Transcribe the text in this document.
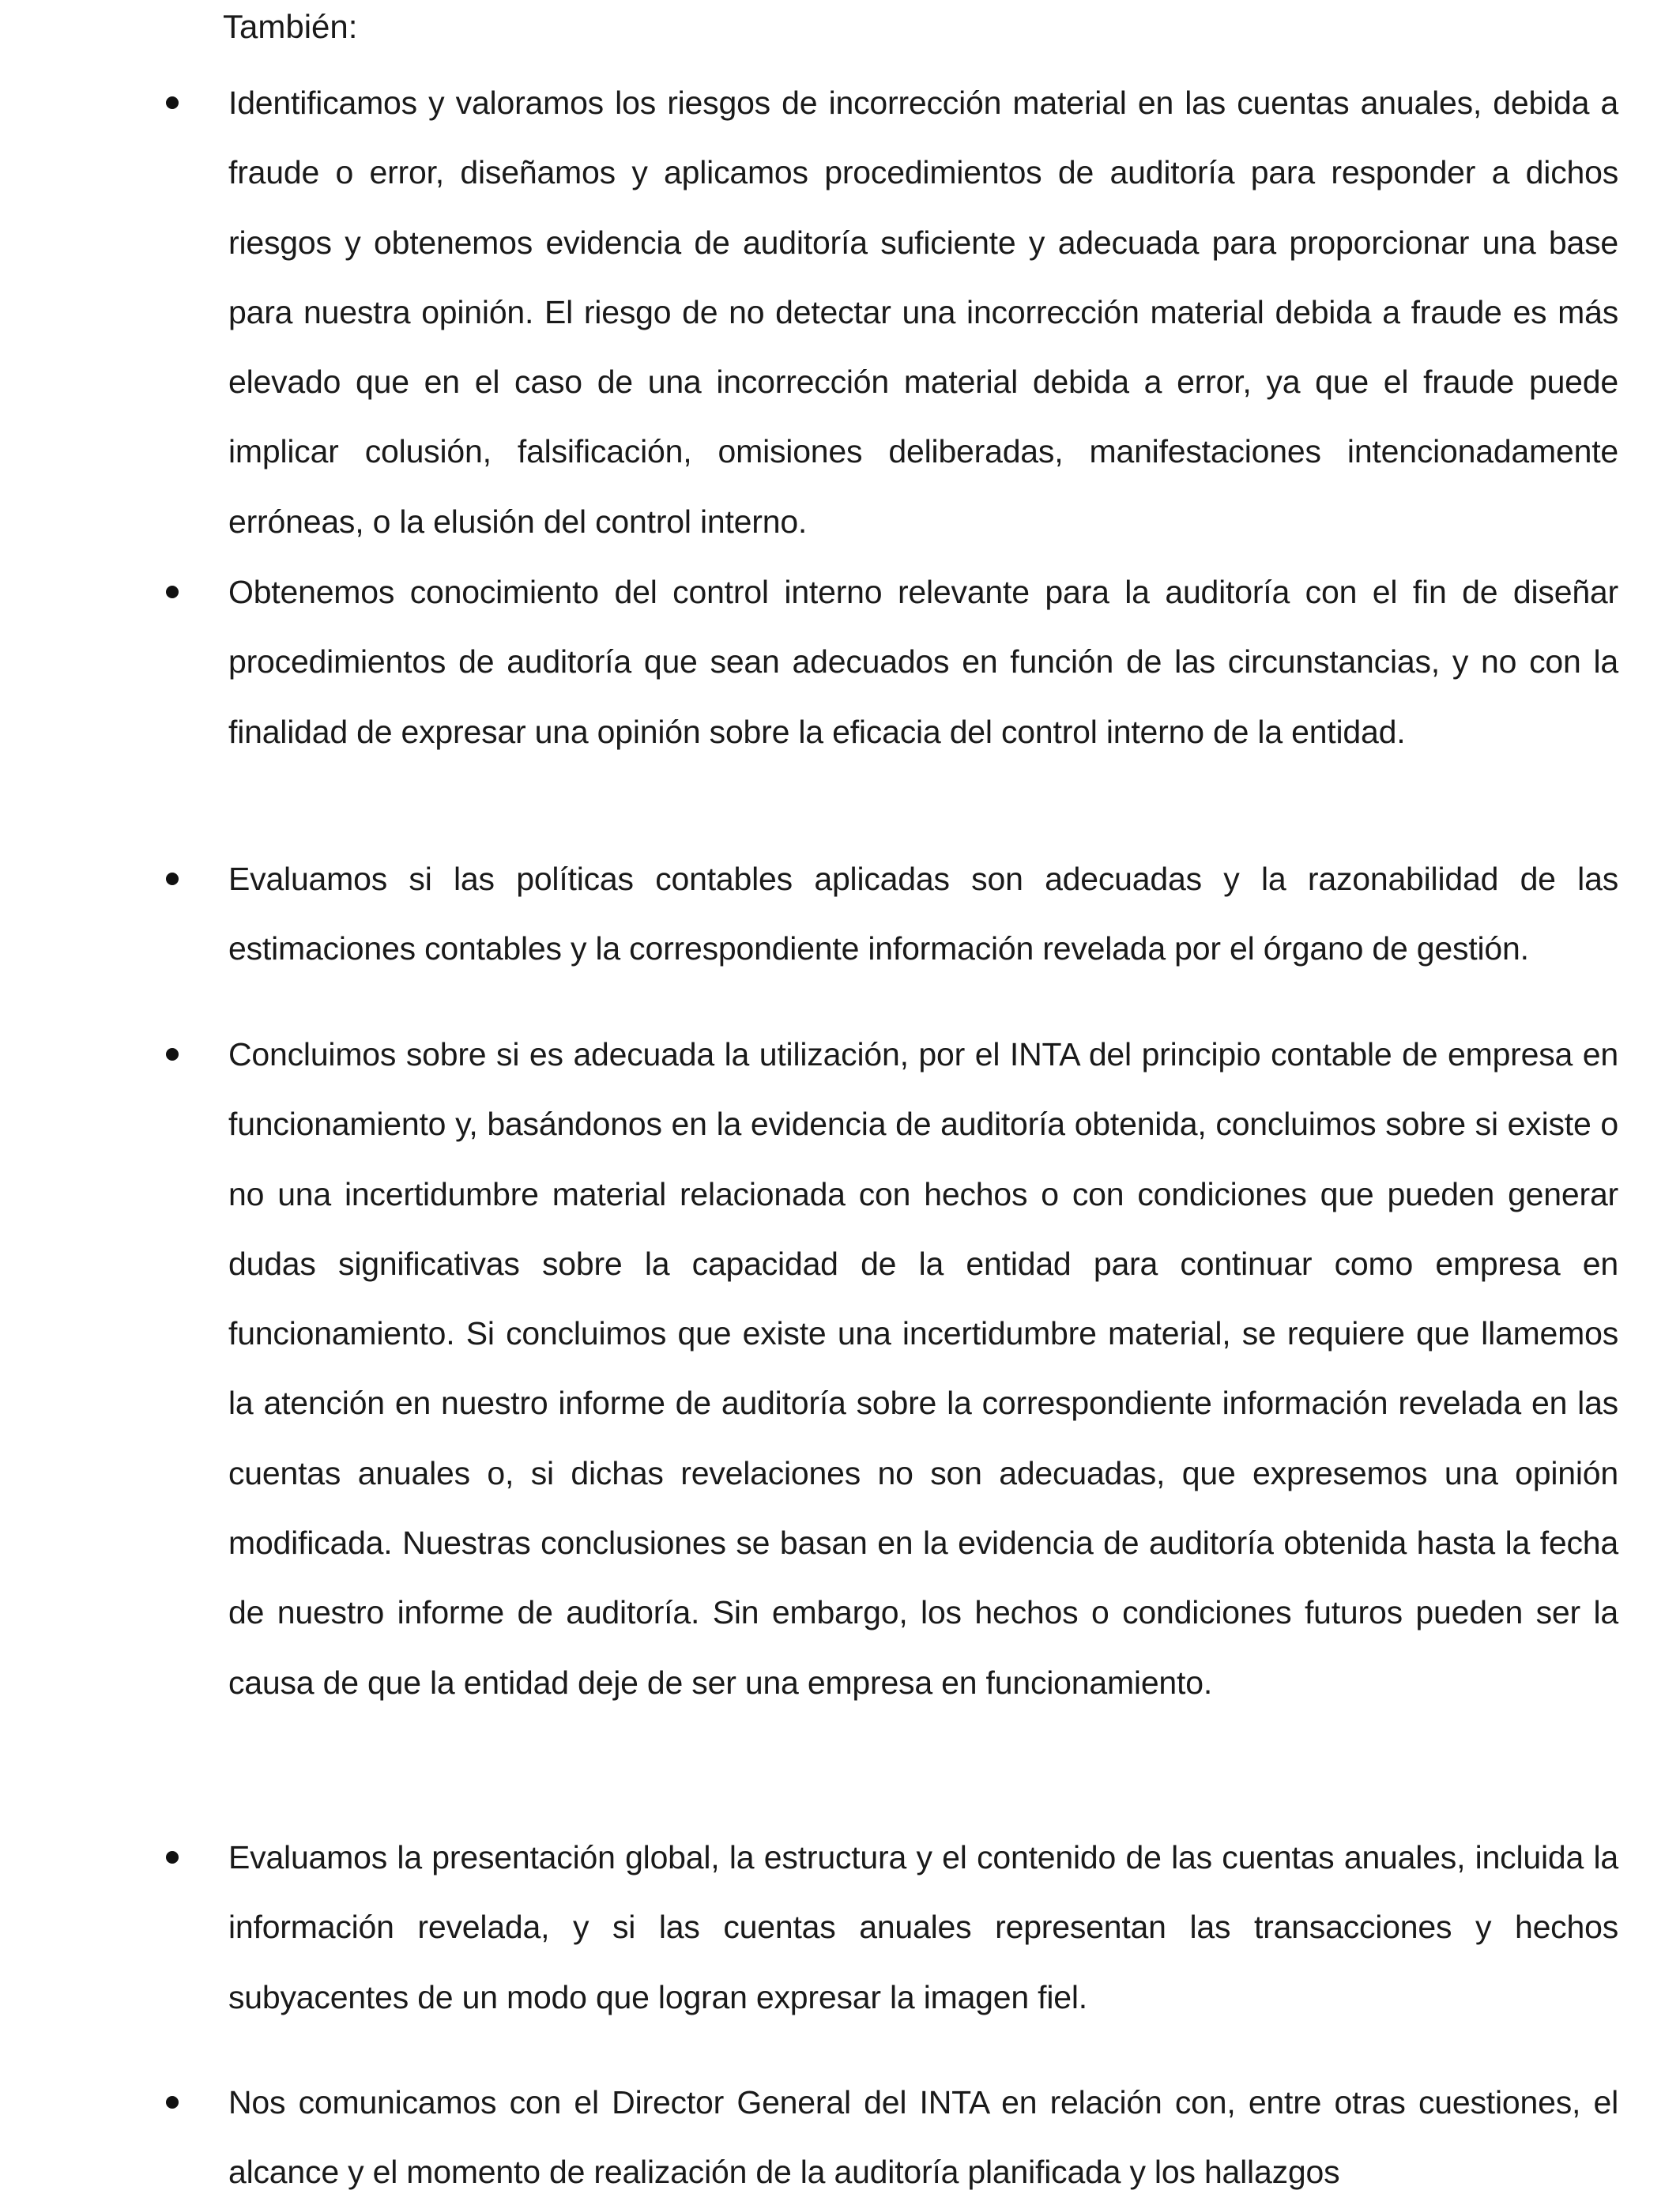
También:

Identificamos y valoramos los riesgos de incorrección material en las cuentas anuales, debida a fraude o error, diseñamos y aplicamos procedimientos de auditoría para responder a dichos riesgos y obtenemos evidencia de auditoría suficiente y adecuada para proporcionar una base para nuestra opinión. El riesgo de no detectar una incorrección material debida a fraude es más elevado que en el caso de una incorrección material debida a error, ya que el fraude puede implicar colusión, falsificación, omisiones deliberadas, manifestaciones intencionadamente erróneas, o la elusión del control interno.

Obtenemos conocimiento del control interno relevante para la auditoría con el fin de diseñar procedimientos de auditoría que sean adecuados en función de las circunstancias, y no con la finalidad de expresar una opinión sobre la eficacia del control interno de la entidad.

Evaluamos si las políticas contables aplicadas son adecuadas y la razonabilidad de las estimaciones contables y la correspondiente información revelada por el órgano de gestión.

Concluimos sobre si es adecuada la utilización, por el INTA del principio contable de empresa en funcionamiento y, basándonos en la evidencia de auditoría obtenida, concluimos sobre si existe o no una incertidumbre material relacionada con hechos o con condiciones que pueden generar dudas significativas sobre la capacidad de la entidad para continuar como empresa en funcionamiento. Si concluimos que existe una incertidumbre material, se requiere que llamemos la atención en nuestro informe de auditoría sobre la correspondiente información revelada en las cuentas anuales o, si dichas revelaciones no son adecuadas, que expresemos una opinión modificada. Nuestras conclusiones se basan en la evidencia de auditoría obtenida hasta la fecha de nuestro informe de auditoría. Sin embargo, los hechos o condiciones futuros pueden ser la causa de que la entidad deje de ser una empresa en funcionamiento.

Evaluamos la presentación global, la estructura y el contenido de las cuentas anuales, incluida la información revelada, y si las cuentas anuales representan las transacciones y hechos subyacentes de un modo que logran expresar la imagen fiel.

Nos comunicamos con el Director General del INTA en relación con, entre otras cuestiones, el alcance y el momento de realización de la auditoría planificada y los hallazgos
